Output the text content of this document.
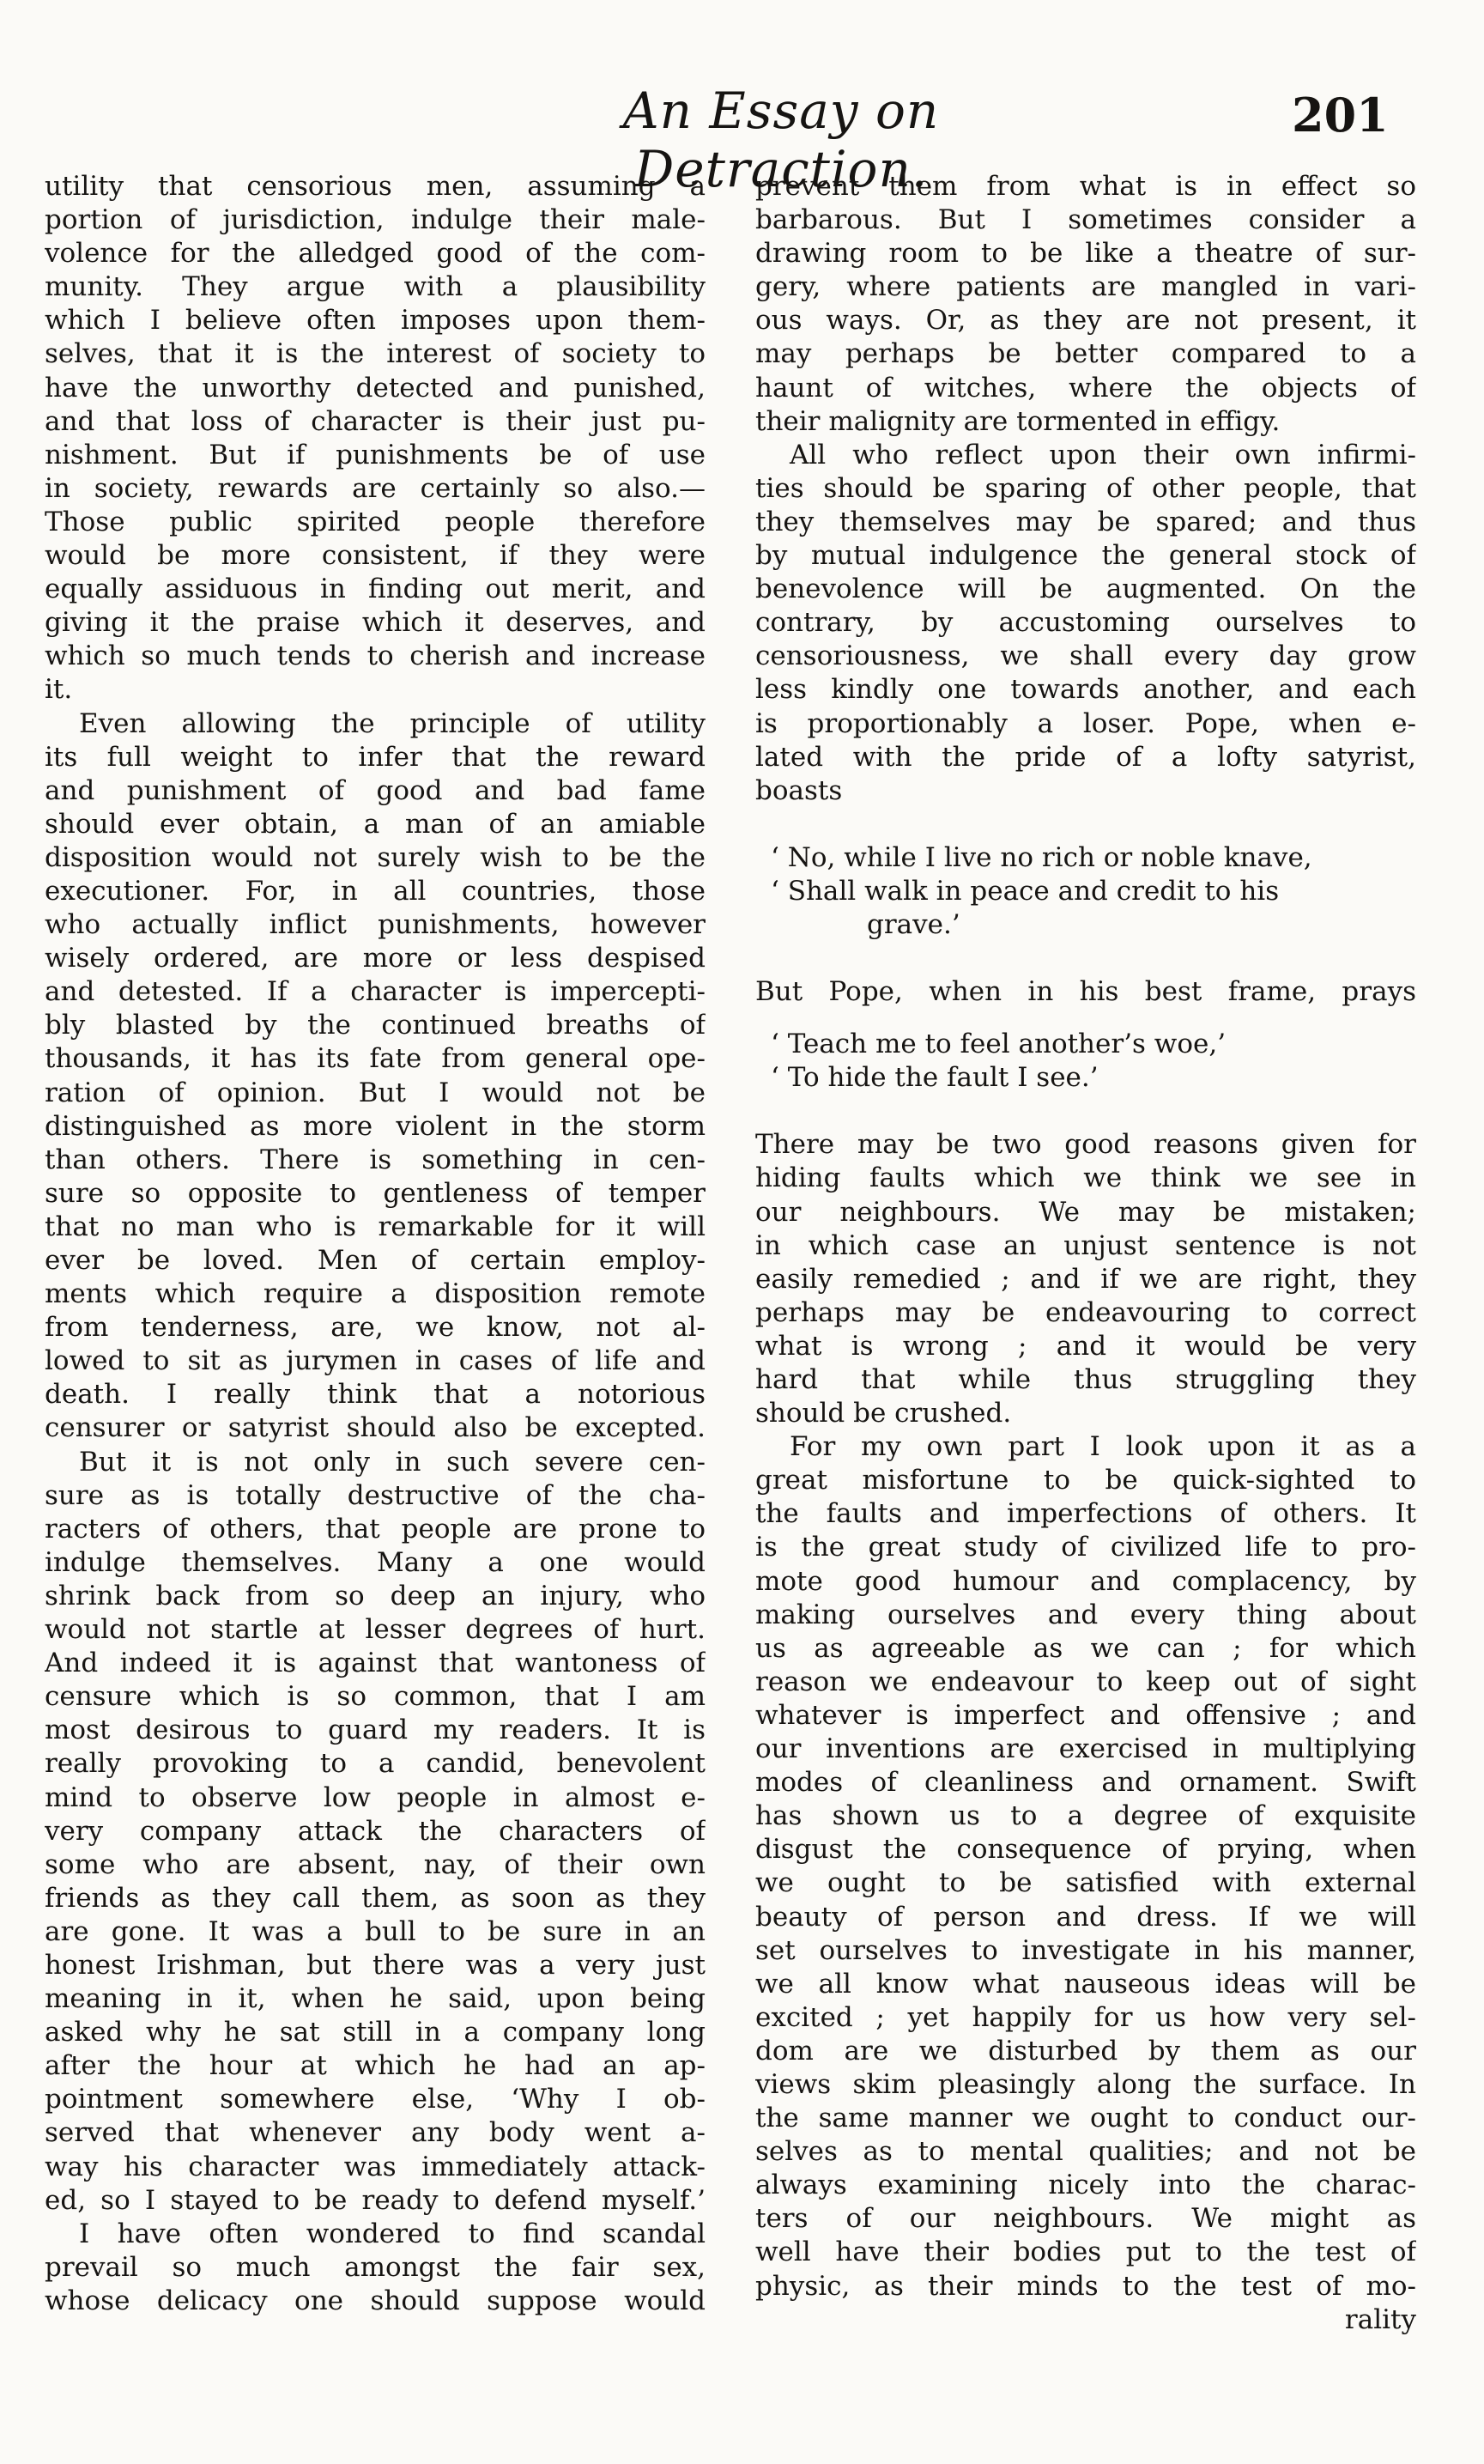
An Essay on Detraction.
201
utility that censorious men, assuming a
portion of jurisdiction, indulge their male-
volence for the alledged good of the com-
munity. They argue with a plausibility
which I believe often imposes upon them-
selves, that it is the interest of society to
have the unworthy detected and punished,
and that loss of character is their just pu-
nishment. But if punishments be of use
in society, rewards are certainly so also.—
Those public spirited people therefore
would be more consistent, if they were
equally assiduous in finding out merit, and
giving it the praise which it deserves, and
which so much tends to cherish and increase
it.
Even allowing the principle of utility
its full weight to infer that the reward
and punishment of good and bad fame
should ever obtain, a man of an amiable
disposition would not surely wish to be the
executioner. For, in all countries, those
who actually inflict punishments, however
wisely ordered, are more or less despised
and detested. If a character is impercepti-
bly blasted by the continued breaths of
thousands, it has its fate from general ope-
ration of opinion. But I would not be
distinguished as more violent in the storm
than others. There is something in cen-
sure so opposite to gentleness of temper
that no man who is remarkable for it will
ever be loved. Men of certain employ-
ments which require a disposition remote
from tenderness, are, we know, not al-
lowed to sit as jurymen in cases of life and
death. I really think that a notorious
censurer or satyrist should also be excepted.
But it is not only in such severe cen-
sure as is totally destructive of the cha-
racters of others, that people are prone to
indulge themselves. Many a one would
shrink back from so deep an injury, who
would not startle at lesser degrees of hurt.
And indeed it is against that wantoness of
censure which is so common, that I am
most desirous to guard my readers. It is
really provoking to a candid, benevolent
mind to observe low people in almost e-
very company attack the characters of
some who are absent, nay, of their own
friends as they call them, as soon as they
are gone. It was a bull to be sure in an
honest Irishman, but there was a very just
meaning in it, when he said, upon being
asked why he sat still in a company long
after the hour at which he had an ap-
pointment somewhere else, ‘Why I ob-
served that whenever any body went a-
way his character was immediately attack-
ed, so I stayed to be ready to defend myself.’
I have often wondered to find scandal
prevail so much amongst the fair sex,
whose delicacy one should suppose would
prevent them from what is in effect so
barbarous. But I sometimes consider a
drawing room to be like a theatre of sur-
gery, where patients are mangled in vari-
ous ways. Or, as they are not present, it
may perhaps be better compared to a
haunt of witches, where the objects of
their malignity are tormented in effigy.
All who reflect upon their own infirmi-
ties should be sparing of other people, that
they themselves may be spared; and thus
by mutual indulgence the general stock of
benevolence will be augmented. On the
contrary, by accustoming ourselves to
censoriousness, we shall every day grow
less kindly one towards another, and each
is proportionably a loser. Pope, when e-
lated with the pride of a lofty satyrist,
boasts
‘ No, while I live no rich or noble knave,
‘ Shall walk in peace and credit to his
grave.’
But Pope, when in his best frame, prays
‘ Teach me to feel another’s woe,’
‘ To hide the fault I see.’
There may be two good reasons given for
hiding faults which we think we see in
our neighbours. We may be mistaken;
in which case an unjust sentence is not
easily remedied ; and if we are right, they
perhaps may be endeavouring to correct
what is wrong ; and it would be very
hard that while thus struggling they
should be crushed.
For my own part I look upon it as a
great misfortune to be quick-sighted to
the faults and imperfections of others. It
is the great study of civilized life to pro-
mote good humour and complacency, by
making ourselves and every thing about
us as agreeable as we can ; for which
reason we endeavour to keep out of sight
whatever is imperfect and offensive ; and
our inventions are exercised in multiplying
modes of cleanliness and ornament. Swift
has shown us to a degree of exquisite
disgust the consequence of prying, when
we ought to be satisfied with external
beauty of person and dress. If we will
set ourselves to investigate in his manner,
we all know what nauseous ideas will be
excited ; yet happily for us how very sel-
dom are we disturbed by them as our
views skim pleasingly along the surface. In
the same manner we ought to conduct our-
selves as to mental qualities; and not be
always examining nicely into the charac-
ters of our neighbours. We might as
well have their bodies put to the test of
physic, as their minds to the test of mo-
rality
